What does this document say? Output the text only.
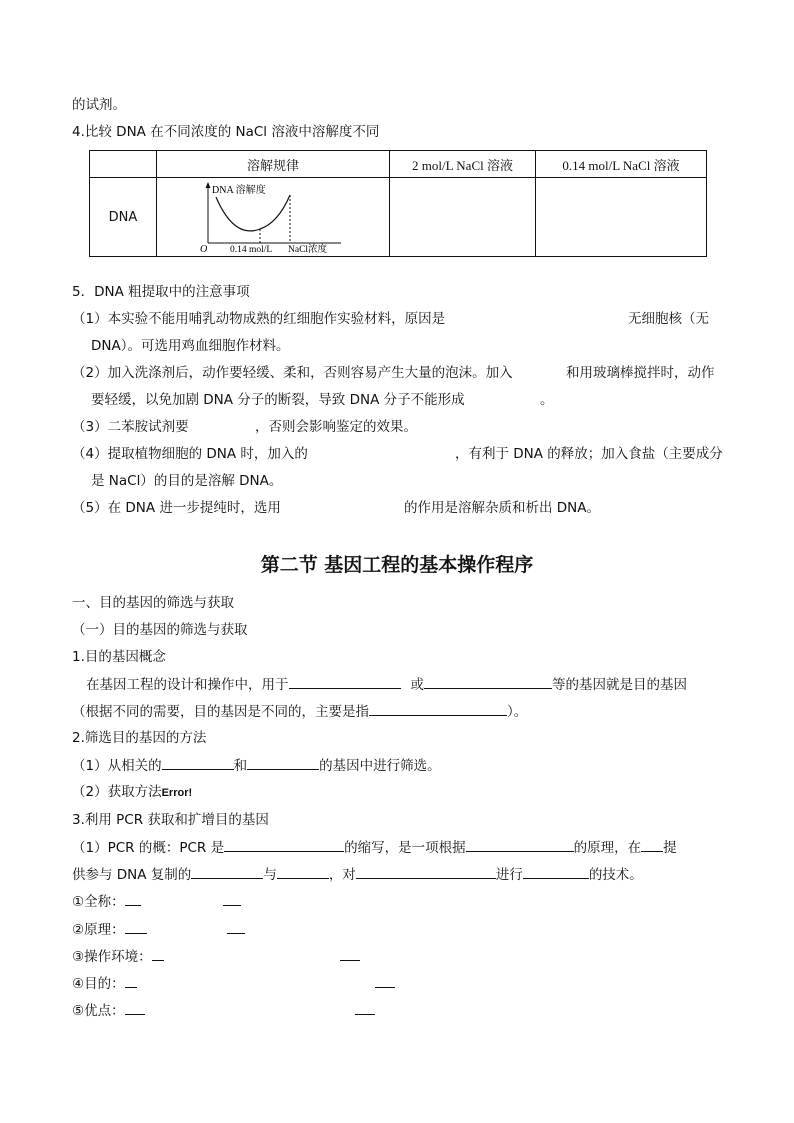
的试剂。
4.比较 DNA 在不同浓度的 NaCl 溶液中溶解度不同
	溶解规律	2 mol/L NaCl 溶液	0.14 mol/L NaCl 溶液
DNA	DNA 溶解度
O 0.14 mol/L NaCl浓度		

5．DNA 粗提取中的注意事项
（1）本实验不能用哺乳动物成熟的红细胞作实验材料，原因是	无细胞核（无
DNA）。可选用鸡血细胞作材料。
（2）加入洗涤剂后，动作要轻缓、柔和，否则容易产生大量的泡沫。加入	和用玻璃棒搅拌时，动作
要轻缓，以免加剧 DNA 分子的断裂，导致 DNA 分子不能形成	。
（3）二苯胺试剂要	，否则会影响鉴定的效果。
（4）提取植物细胞的 DNA 时，加入的	，有利于 DNA 的释放；加入食盐（主要成分
是 NaCl）的目的是溶解 DNA。
（5）在 DNA 进一步提纯时，选用	的作用是溶解杂质和析出 DNA。
第二节 基因工程的基本操作程序
一、目的基因的筛选与获取
（一）目的基因的筛选与获取
1.目的基因概念
在基因工程的设计和操作中，用于	或	等的基因就是目的基因
（根据不同的需要，目的基因是不同的，主要是指	）。
2.筛选目的基因的方法
（1）从相关的	和	的基因中进行筛选。
（2）获取方法Error!
3.利用 PCR 获取和扩增目的基因
（1）PCR 的概：PCR 是	的缩写，是一项根据	的原理，在 提
供参与 DNA 复制的	与	，对	进行	的技术。
①全称：
②原理：
③操作环境：
④目的：
⑤优点：
